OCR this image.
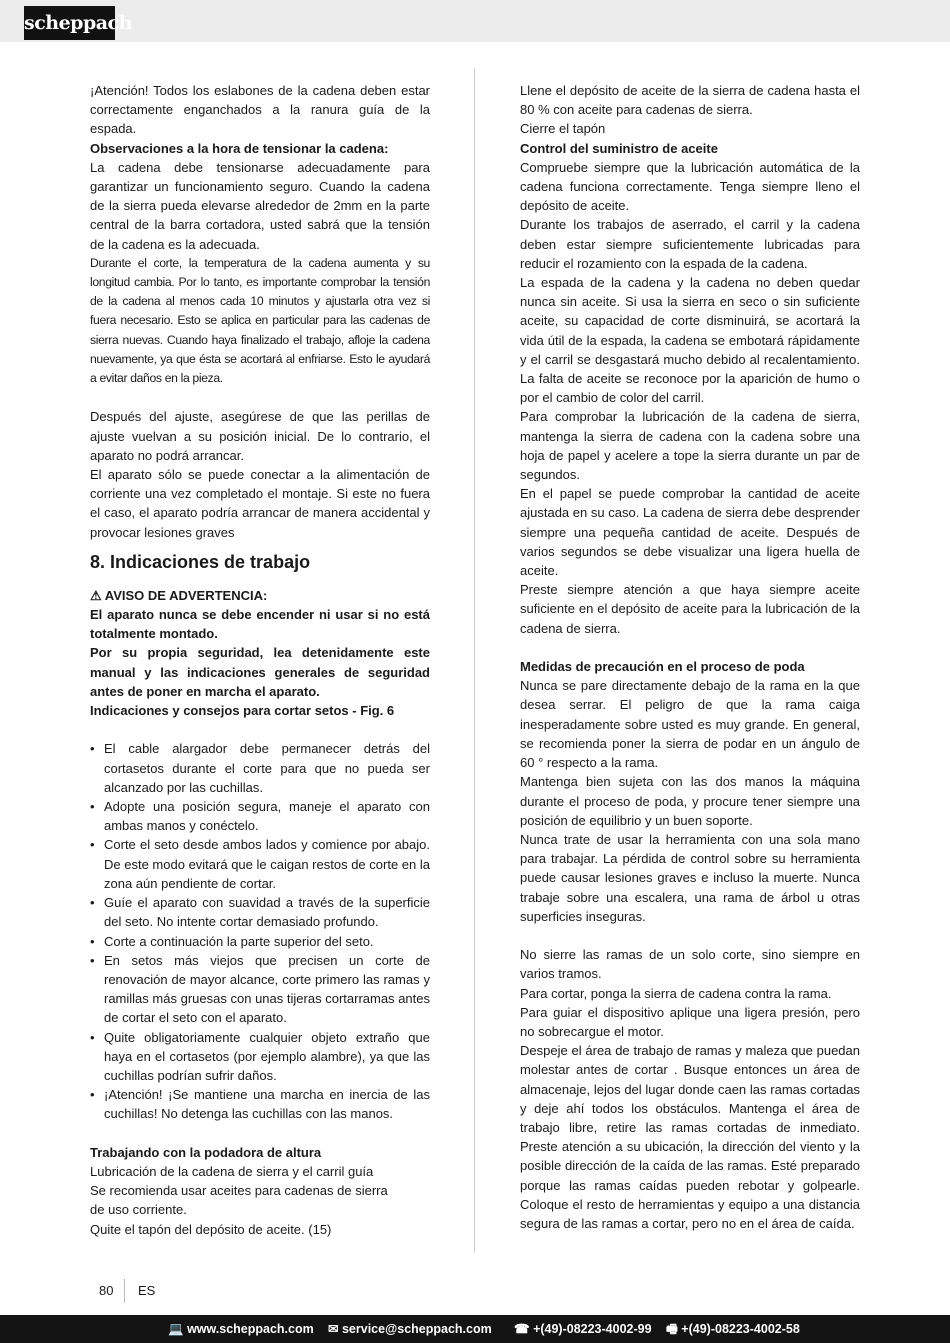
scheppach

¡Atención! Todos los eslabones de la cadena deben estar correctamente enganchados a la ranura guía de la espada.

Observaciones a la hora de tensionar la cadena:

La cadena debe tensionarse adecuadamente para garantizar un funcionamiento seguro. Cuando la cadena de la sierra pueda elevarse alrededor de 2mm en la parte central de la barra cortadora, usted sabrá que la tensión de la cadena es la adecuada.

Durante el corte, la temperatura de la cadena aumenta y su longitud cambia. Por lo tanto, es importante comprobar la tensión de la cadena al menos cada 10 minutos y ajustarla otra vez si fuera necesario. Esto se aplica en particular para las cadenas de sierra nuevas. Cuando haya finalizado el trabajo, afloje la cadena nuevamente, ya que ésta se acortará al enfriarse. Esto le ayudará a evitar daños en la pieza.

Después del ajuste, asegúrese de que las perillas de ajuste vuelvan a su posición inicial. De lo contrario, el aparato no podrá arrancar.

El aparato sólo se puede conectar a la alimentación de corriente una vez completado el montaje. Si este no fuera el caso, el aparato podría arrancar de manera accidental y provocar lesiones graves

8. Indicaciones de trabajo

⚠ AVISO DE ADVERTENCIA:

El aparato nunca se debe encender ni usar si no está totalmente montado.

Por su propia seguridad, lea detenidamente este manual y las indicaciones generales de seguridad antes de poner en marcha el aparato.

Indicaciones y consejos para cortar setos - Fig. 6

• El cable alargador debe permanecer detrás del cortasetos durante el corte para que no pueda ser alcanzado por las cuchillas.
• Adopte una posición segura, maneje el aparato con ambas manos y conéctelo.
• Corte el seto desde ambos lados y comience por abajo. De este modo evitará que le caigan restos de corte en la zona aún pendiente de cortar.
• Guíe el aparato con suavidad a través de la superficie del seto. No intente cortar demasiado profundo.
• Corte a continuación la parte superior del seto.
• En setos más viejos que precisen un corte de renovación de mayor alcance, corte primero las ramas y ramillas más gruesas con unas tijeras cortarramas antes de cortar el seto con el aparato.
• Quite obligatoriamente cualquier objeto extraño que haya en el cortasetos (por ejemplo alambre), ya que las cuchillas podrían sufrir daños.
• ¡Atención! ¡Se mantiene una marcha en inercia de las cuchillas! No detenga las cuchillas con las manos.

Trabajando con la podadora de altura

Lubricación de la cadena de sierra y el carril guía

Se recomienda usar aceites para cadenas de sierra

de uso corriente.

Quite el tapón del depósito de aceite. (15)

Llene el depósito de aceite de la sierra de cadena hasta el 80 % con aceite para cadenas de sierra.

Cierre el tapón

Control del suministro de aceite

Compruebe siempre que la lubricación automática de la cadena funciona correctamente. Tenga siempre lleno el depósito de aceite.

Durante los trabajos de aserrado, el carril y la cadena deben estar siempre suficientemente lubricadas para reducir el rozamiento con la espada de la cadena.

La espada de la cadena y la cadena no deben quedar nunca sin aceite. Si usa la sierra en seco o sin suficiente aceite, su capacidad de corte disminuirá, se acortará la vida útil de la espada, la cadena se embotará rápidamente y el carril se desgastará mucho debido al recalentamiento. La falta de aceite se reconoce por la aparición de humo o por el cambio de color del carril.

Para comprobar la lubricación de la cadena de sierra, mantenga la sierra de cadena con la cadena sobre una hoja de papel y acelere a tope la sierra durante un par de segundos.

En el papel se puede comprobar la cantidad de aceite ajustada en su caso. La cadena de sierra debe desprender siempre una pequeña cantidad de aceite. Después de varios segundos se debe visualizar una ligera huella de aceite.

Preste siempre atención a que haya siempre aceite suficiente en el depósito de aceite para la lubricación de la cadena de sierra.

Medidas de precaución en el proceso de poda

Nunca se pare directamente debajo de la rama en la que desea serrar. El peligro de que la rama caiga inesperadamente sobre usted es muy grande. En general, se recomienda poner la sierra de podar en un ángulo de 60 ° respecto a la rama.

Mantenga bien sujeta con las dos manos la máquina durante el proceso de poda, y procure tener siempre una posición de equilibrio y un buen soporte.

Nunca trate de usar la herramienta con una sola mano para trabajar. La pérdida de control sobre su herramienta puede causar lesiones graves e incluso la muerte. Nunca trabaje sobre una escalera, una rama de árbol u otras superficies inseguras.

No sierre las ramas de un solo corte, sino siempre en varios tramos.

Para cortar, ponga la sierra de cadena contra la rama.

Para guiar el dispositivo aplique una ligera presión, pero no sobrecargue el motor.

Despeje el área de trabajo de ramas y maleza que puedan molestar antes de cortar . Busque entonces un área de almacenaje, lejos del lugar donde caen las ramas cortadas y deje ahí todos los obstáculos. Mantenga el área de trabajo libre, retire las ramas cortadas de inmediato. Preste atención a su ubicación, la dirección del viento y la posible dirección de la caída de las ramas. Esté preparado porque las ramas caídas pueden rebotar y golpearle. Coloque el resto de herramientas y equipo a una distancia segura de las ramas a cortar, pero no en el área de caída.

80 ES
💻 www.scheppach.com ✉ service@scheppach.com ☎ +(49)-08223-4002-99 🖷 +(49)-08223-4002-58
